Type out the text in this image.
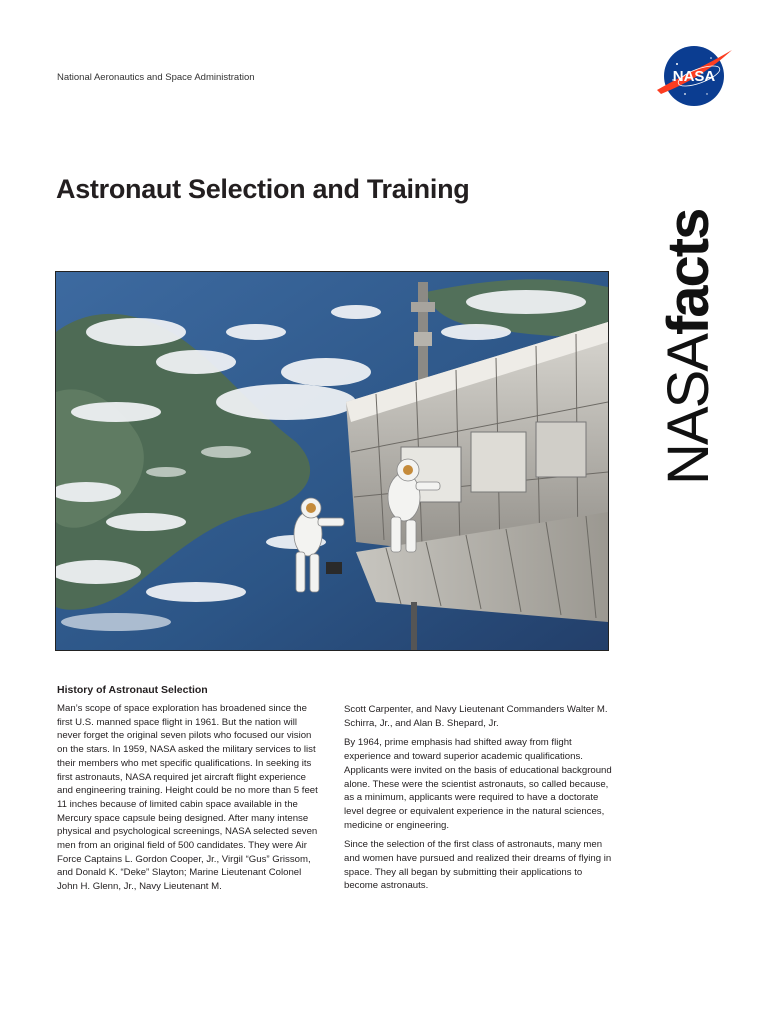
National Aeronautics and Space Administration	NASA
Astronaut Selection and Training
NASAfacts
History of Astronaut Selection

Man’s scope of space exploration has broadened since the first U.S. manned space flight in 1961. But the nation will never forget the original seven pilots who focused our vision on the stars. In 1959, NASA asked the military services to list their members who met specific qualifications. In seeking its first astronauts, NASA required jet aircraft flight experience and engineering training. Height could be no more than 5 feet 11 inches because of limited cabin space available in the Mercury space capsule being designed. After many intense physical and psychological screenings, NASA selected seven men from an original field of 500 candidates. They were Air Force Captains L. Gordon Cooper, Jr., Virgil “Gus” Grissom, and Donald K. “Deke” Slayton; Marine Lieutenant Colonel John H. Glenn, Jr., Navy Lieutenant M.

Scott Carpenter, and Navy Lieutenant Commanders Walter M. Schirra, Jr., and Alan B. Shepard, Jr.

By 1964, prime emphasis had shifted away from flight experience and toward superior academic qualifications. Applicants were invited on the basis of educational background alone. These were the scientist astronauts, so called because, as a minimum, applicants were required to have a doctorate level degree or equivalent experience in the natural sciences, medicine or engineering.

Since the selection of the first class of astronauts, many men and women have pursued and realized their dreams of flying in space. They all began by submitting their applications to become astronauts.
